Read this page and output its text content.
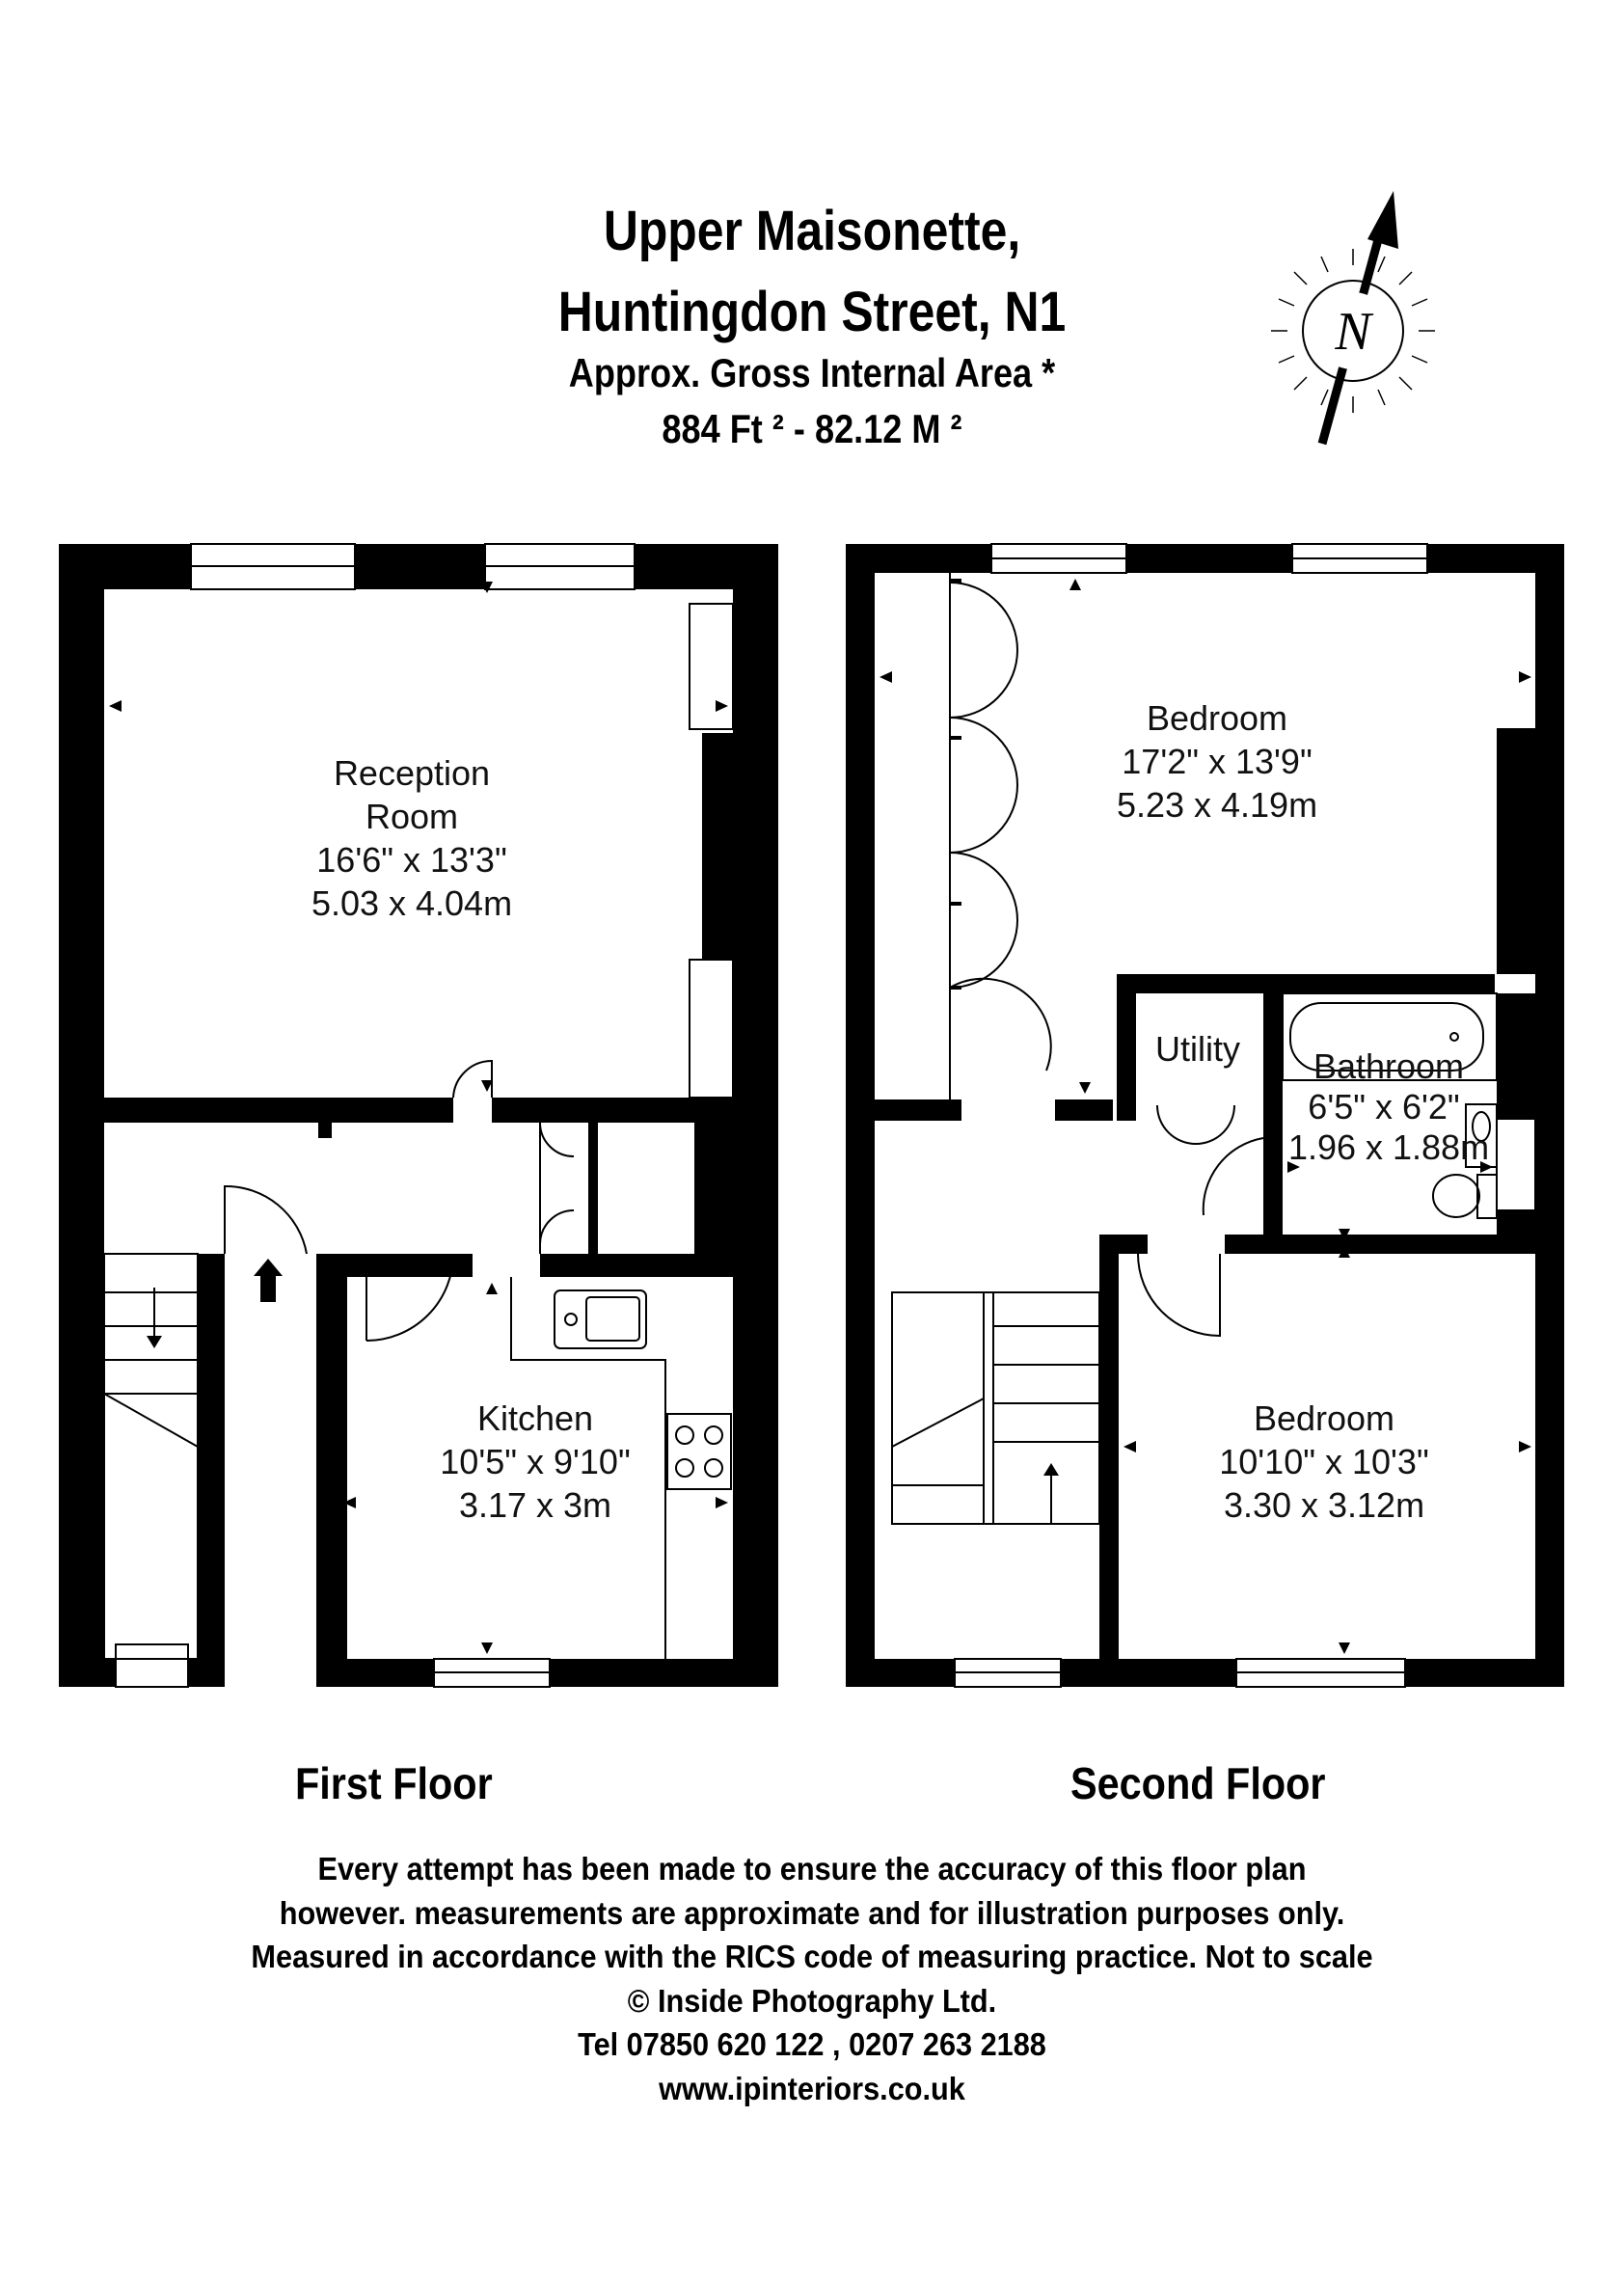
Upper Maisonette,
Huntingdon Street, N1
Approx. Gross Internal Area *
884 Ft ² - 82.12 M ²
N
Reception
Room
16'6" x 13'3"
5.03 x 4.04m
Kitchen
10'5" x 9'10"
3.17 x 3m
Bedroom
17'2" x 13'9"
5.23 x 4.19m
Utility Bathroom
6'5" x 6'2"
1.96 x 1.88m
Bedroom
10'10" x 10'3"
3.30 x 3.12m
First Floor	Second Floor
Every attempt has been made to ensure the accuracy of this floor plan
however. measurements are approximate and for illustration purposes only.
Measured in accordance with the RICS code of measuring practice. Not to scale
© Inside Photography Ltd.
Tel 07850 620 122 , 0207 263 2188
www.ipinteriors.co.uk
